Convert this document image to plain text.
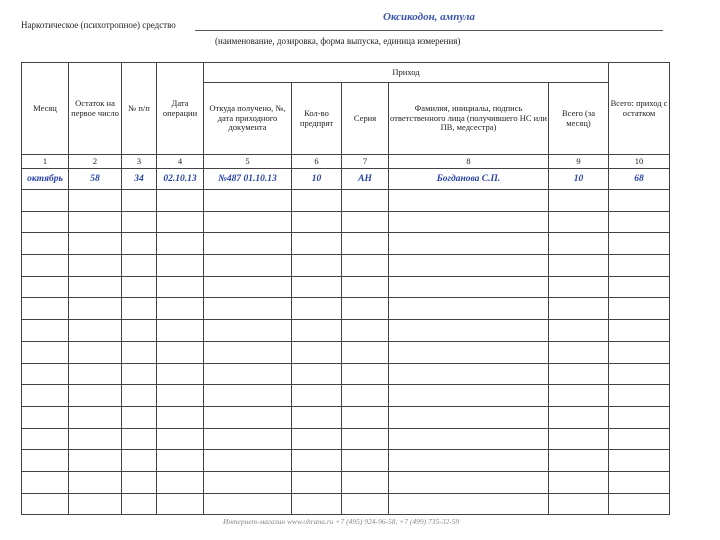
Наркотическое (психотропное) средство
Оксикодон, ампула
(наименование, дозировка, форма выпуска, единица измерения)
Месяц	Остаток на первое число	№ п/п	Дата операции	Приход					Всего: приход с остатком
				Откуда получено, №, дата приходного документа	Кол-во предпрят	Серия	Фамилия, инициалы, подпись ответственного лица (получившего НС или ПВ, медсестра)	Всего (за месяц)	
1	2	3	4	5	6	7	8	9	10
октябрь	58	34	02.10.13	№487 01.10.13	10	АН	Богданова С.П.	10	68

Интернет-магазин www.ohrana.ru +7 (495) 924-96-58, +7 (499) 735-32-59
